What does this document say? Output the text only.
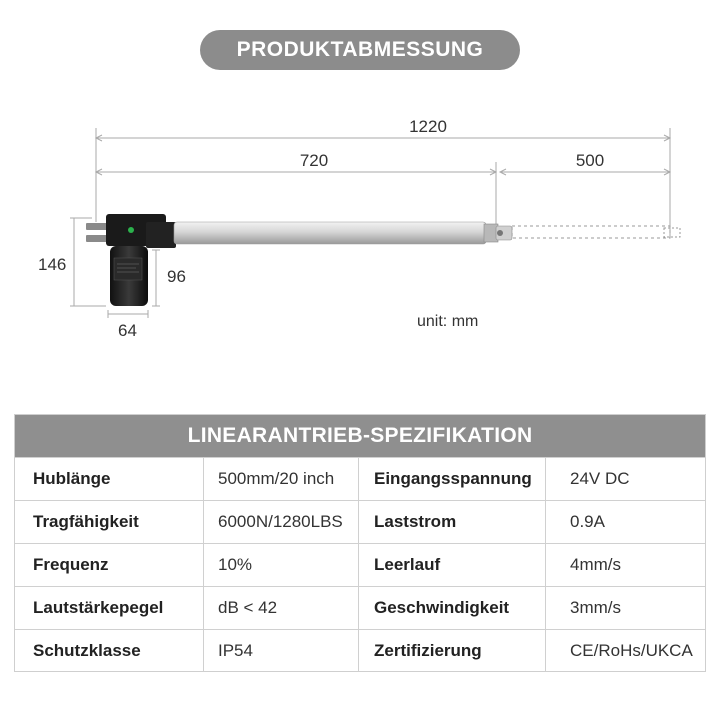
PRODUKTABMESSUNG
1220
720	500
146
96
64	unit: mm
LINEARANTRIEB-SPEZIFIKATION
Hublänge	500mm/20 inch	Eingangsspannung	24V DC
Tragfähigkeit	6000N/1280LBS	Laststrom	0.9A
Frequenz	10%	Leerlauf	4mm/s
Lautstärkepegel	dB < 42	Geschwindigkeit	3mm/s
Schutzklasse	IP54	Zertifizierung	CE/RoHs/UKCA
